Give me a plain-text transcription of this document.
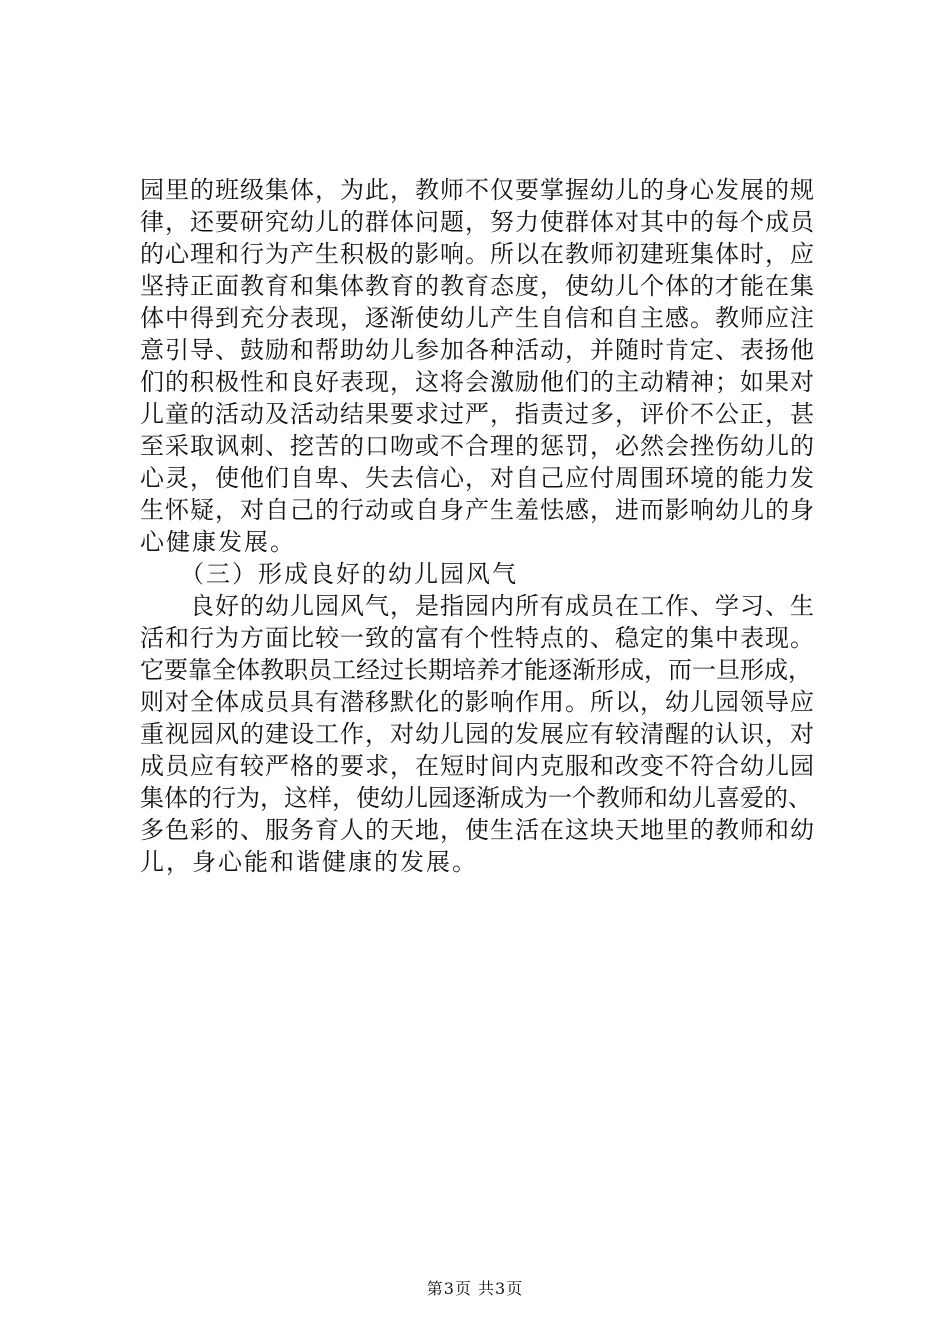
园里的班级集体，为此，教师不仅要掌握幼儿的身心发展的规
律，还要研究幼儿的群体问题，努力使群体对其中的每个成员
的心理和行为产生积极的影响。所以在教师初建班集体时，应
坚持正面教育和集体教育的教育态度，使幼儿个体的才能在集
体中得到充分表现，逐渐使幼儿产生自信和自主感。教师应注
意引导、鼓励和帮助幼儿参加各种活动，并随时肯定、表扬他
们的积极性和良好表现，这将会激励他们的主动精神；如果对
儿童的活动及活动结果要求过严，指责过多，评价不公正，甚
至采取讽刺、挖苦的口吻或不合理的惩罚，必然会挫伤幼儿的
心灵，使他们自卑、失去信心，对自己应付周围环境的能力发
生怀疑，对自己的行动或自身产生羞怯感，进而影响幼儿的身
心健康发展。
　　（三）形成良好的幼儿园风气
　　良好的幼儿园风气，是指园内所有成员在工作、学习、生
活和行为方面比较一致的富有个性特点的、稳定的集中表现。
它要靠全体教职员工经过长期培养才能逐渐形成，而一旦形成，
则对全体成员具有潜移默化的影响作用。所以，幼儿园领导应
重视园风的建设工作，对幼儿园的发展应有较清醒的认识，对
成员应有较严格的要求，在短时间内克服和改变不符合幼儿园
集体的行为，这样，使幼儿园逐渐成为一个教师和幼儿喜爱的、
多色彩的、服务育人的天地，使生活在这块天地里的教师和幼
儿，身心能和谐健康的发展。
第3页 共3页
